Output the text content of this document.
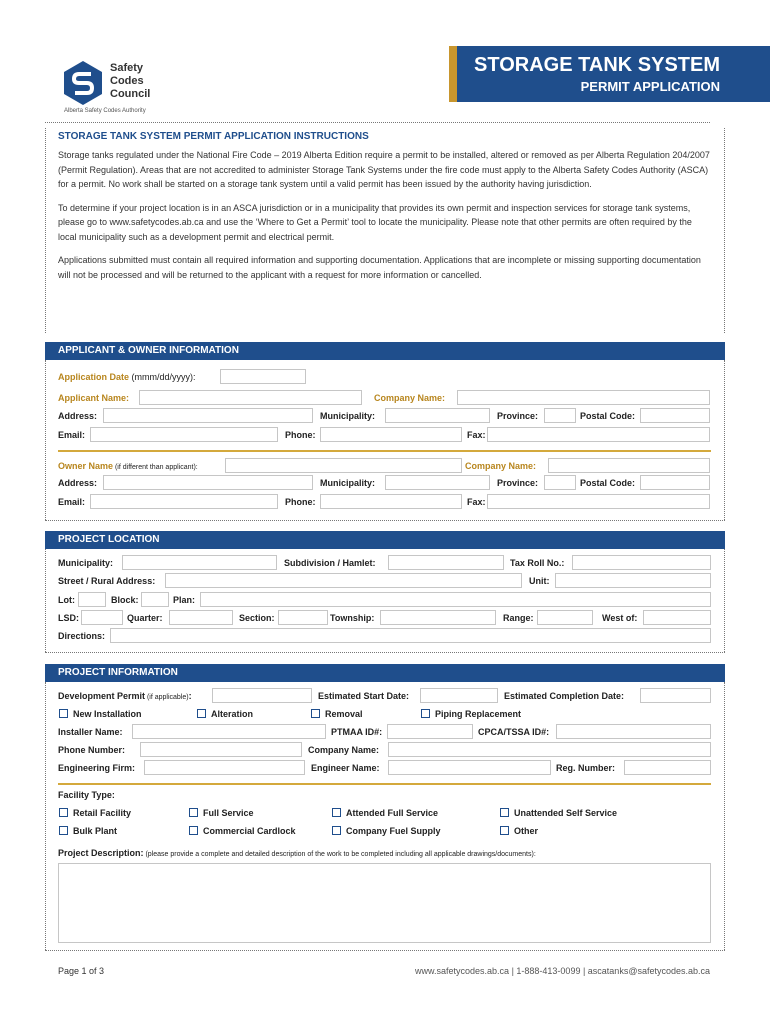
Safety
Codes
Council
Alberta Safety Codes Authority
STORAGE TANK SYSTEM
PERMIT APPLICATION
STORAGE TANK SYSTEM PERMIT APPLICATION INSTRUCTIONS

Storage tanks regulated under the National Fire Code – 2019 Alberta Edition require a permit to be installed, altered or removed as per Alberta Regulation 204/2007 (Permit Regulation). Areas that are not accredited to administer Storage Tank Systems under the fire code must apply to the Alberta Safety Codes Authority (ASCA) for a permit. No work shall be started on a storage tank system until a valid permit has been issued by the authority having jurisdiction.

To determine if your project location is in an ASCA jurisdiction or in a municipality that provides its own permit and inspection services for storage tank systems, please go to www.safetycodes.ab.ca and use the ‘Where to Get a Permit’ tool to locate the municipality. Please note that other permits are often required by the local municipality such as a development permit and electrical permit.

Applications submitted must contain all required information and supporting documentation. Applications that are incomplete or missing supporting documentation will not be processed and will be returned to the applicant with a request for more information or cancelled.

APPLICANT & OWNER INFORMATION
Application Date (mmm/dd/yyyy):
Applicant Name:	Company Name:
Address:	Municipality:	Province:	Postal Code:
Email:	Phone:	Fax:
Owner Name (if different than applicant):	Company Name:
Address:	Municipality:	Province:	Postal Code:
Email:	Phone:	Fax:
PROJECT LOCATION
Municipality:	Subdivision / Hamlet:	Tax Roll No.:
Street / Rural Address:	Unit:
Lot:	Block:	Plan:
LSD:	Quarter:	Section:	Township:	Range:	West of:
Directions:
PROJECT INFORMATION
Development Permit (if applicable):	Estimated Start Date:	Estimated Completion Date:
New Installation	Alteration	Removal	Piping Replacement
Installer Name:	PTMAA ID#:	CPCA/TSSA ID#:
Phone Number:	Company Name:
Engineering Firm:	Engineer Name:	Reg. Number:
Facility Type:
Retail Facility	Full Service	Attended Full Service	Unattended Self Service
Bulk Plant	Commercial Cardlock	Company Fuel Supply	Other
Project Description: (please provide a complete and detailed description of the work to be completed including all applicable drawings/documents):
Page 1 of 3	www.safetycodes.ab.ca | 1-888-413-0099 | ascatanks@safetycodes.ab.ca
